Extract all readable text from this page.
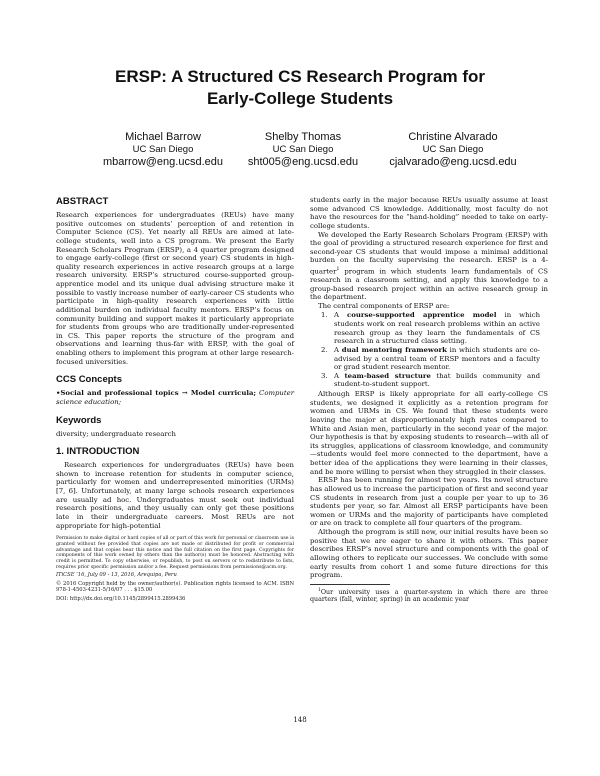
ERSP: A Structured CS Research Program for
Early-College Students
Michael Barrow
UC San Diego
mbarrow@eng.ucsd.edu
Shelby Thomas
UC San Diego
sht005@eng.ucsd.edu
Christine Alvarado
UC San Diego
cjalvarado@eng.ucsd.edu
ABSTRACT

Research experiences for undergraduates (REUs) have many positive outcomes on students’ perception of and retention in Computer Science (CS). Yet nearly all REUs are aimed at late-college students, well into a CS program. We present the Early Research Scholars Program (ERSP), a 4 quarter program designed to engage early-college (first or second year) CS students in high-quality research experiences in active research groups at a large research university. ERSP’s structured course-supported group-apprentice model and its unique dual advising structure make it possible to vastly increase number of early-career CS students who participate in high-quality research experiences with little additional burden on individual faculty mentors. ERSP’s focus on community building and support makes it particularly appropriate for students from groups who are traditionally under-represented in CS. This paper reports the structure of the program and observations and learning thus-far with ERSP, with the goal of enabling others to implement this program at other large research-focused universities.

CCS Concepts

•Social and professional topics → Model curricula; Computer science education;

Keywords

diversity; undergraduate research

1. INTRODUCTION

Research experiences for undergraduates (REUs) have been shown to increase retention for students in computer science, particularly for women and underrepresented minorities (URMs) [7, 6]. Unfortunately, at many large schools research experiences are usually ad hoc. Undergraduates must seek out individual research positions, and they usually can only get these positions late in their undergraduate careers. Most REUs are not appropriate for high-potential

Permission to make digital or hard copies of all or part of this work for personal or classroom use is granted without fee provided that copies are not made or distributed for profit or commercial advantage and that copies bear this notice and the full citation on the first page. Copyrights for components of this work owned by others than the author(s) must be honored. Abstracting with credit is permitted. To copy otherwise, or republish, to post on servers or to redistribute to lists, requires prior specific permission and/or a fee. Request permissions from permissions@acm.org.
ITiCSE ’16, July 09 - 13, 2016, Arequipa, Peru
© 2016 Copyright held by the owner/author(s). Publication rights licensed to ACM. ISBN 978-1-4503-4231-5/16/07 . . . $15.00
DOI: http://dx.doi.org/10.1145/2899415.2899436

students early in the major because REUs usually assume at least some advanced CS knowledge. Additionally, most faculty do not have the resources for the “hand-holding” needed to take on early-college students.

We developed the Early Research Scholars Program (ERSP) with the goal of providing a structured research experience for first and second-year CS students that would impose a minimal additional burden on the faculty supervising the research. ERSP is a 4-quarter$^1$ program in which students learn fundamentals of CS research in a classroom setting, and apply this knowledge to a group-based research project within an active research group in the department.

The central components of ERSP are:

1. A course-supported apprentice model in which students work on real research problems within an active research group as they learn the fundamentals of CS research in a structured class setting.
2. A dual mentoring framework in which students are co-advised by a central team of ERSP mentors and a faculty or grad student research mentor.
3. A team-based structure that builds community and student-to-student support.

Although ERSP is likely appropriate for all early-college CS students, we designed it explicitly as a retention program for women and URMs in CS. We found that these students were leaving the major at disproportionately high rates compared to White and Asian men, particularly in the second year of the major. Our hypothesis is that by exposing students to research—with all of its struggles, applications of classroom knowledge, and community—students would feel more connected to the department, have a better idea of the applications they were learning in their classes, and be more willing to persist when they struggled in their classes.

ERSP has been running for almost two years. Its novel structure has allowed us to increase the participation of first and second year CS students in research from just a couple per year to up to 36 students per year, so far. Almost all ERSP participants have been women or URMs and the majority of participants have completed or are on track to complete all four quarters of the program.

Although the program is still new, our initial results have been so positive that we are eager to share it with others. This paper describes ERSP’s novel structure and components with the goal of allowing others to replicate our successes. We conclude with some early results from cohort 1 and some future directions for this program.

$^1$Our university uses a quarter-system in which there are three quarters (fall, winter, spring) in an academic year

148
